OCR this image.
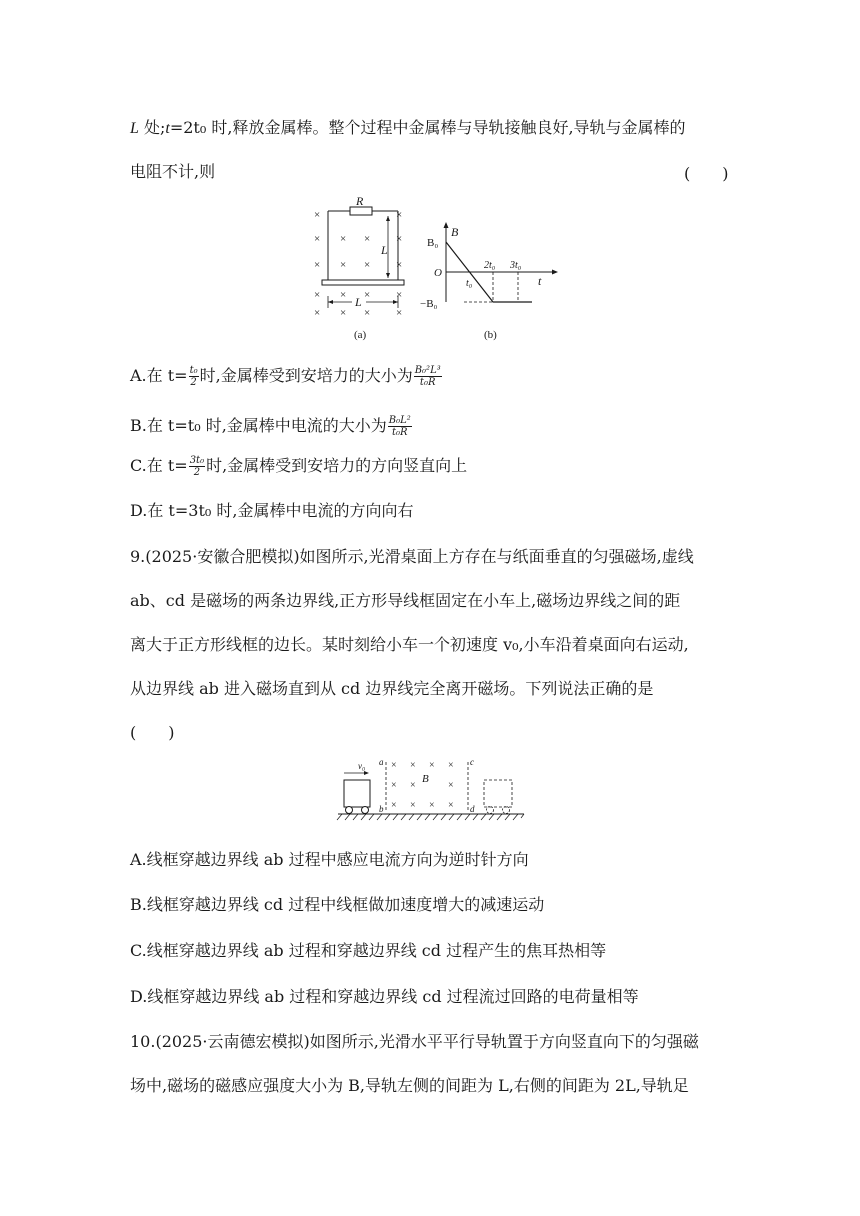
L 处;t=2t₀ 时,释放金属棒。整个过程中金属棒与导轨接触良好,导轨与金属棒的
电阻不计,则	(　　)
×	×
× × × ×
× × × ×
× × × ×
× × × ×
R
L
L
(a)
B
B₀
O
−B₀
t₀
2t₀ 3t₀
t
(b)
A.在 $t= \frac{\text{t₀}}{2}$ 时,金属棒受到安培力的大小为 $\frac{\text{B₀²L³}}{\text{t₀R}}$
B.在 t=t₀ 时,金属棒中电流的大小为 $\frac{\text{B₀L²}}{\text{t₀R}}$
C.在 $t= \frac{\text{3t₀}}{2}$ 时,金属棒受到安培力的方向竖直向上
D.在 t=3t₀ 时,金属棒中电流的方向向右
9.(2025·安徽合肥模拟)如图所示,光滑桌面上方存在与纸面垂直的匀强磁场,虚线
ab、cd 是磁场的两条边界线,正方形导线框固定在小车上,磁场边界线之间的距
离大于正方形线框的边长。某时刻给小车一个初速度 v₀,小车沿着桌面向右运动,
从边界线 ab 进入磁场直到从 cd 边界线完全离开磁场。下列说法正确的是
(　　)
v₀ a
b
c
d
× × × ×
× ×	×
× × × ×
B
A.线框穿越边界线 ab 过程中感应电流方向为逆时针方向
B.线框穿越边界线 cd 过程中线框做加速度增大的减速运动
C.线框穿越边界线 ab 过程和穿越边界线 cd 过程产生的焦耳热相等
D.线框穿越边界线 ab 过程和穿越边界线 cd 过程流过回路的电荷量相等
10.(2025·云南德宏模拟)如图所示,光滑水平平行导轨置于方向竖直向下的匀强磁
场中,磁场的磁感应强度大小为 B,导轨左侧的间距为 L,右侧的间距为 2L,导轨足
